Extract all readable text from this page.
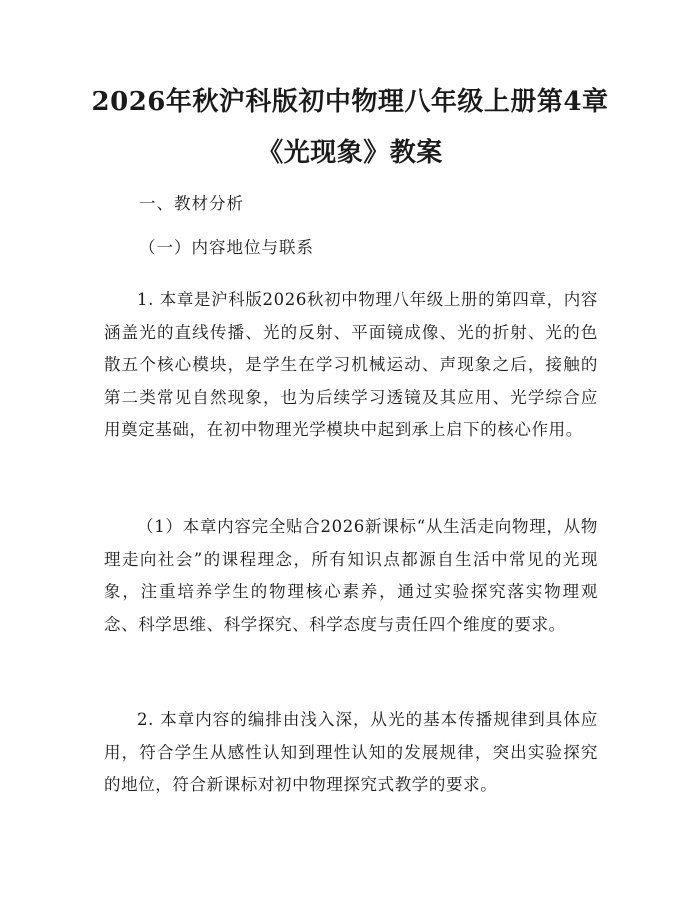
2026年秋沪科版初中物理八年级上册第4章
《光现象》教案
一、教材分析
（一）内容地位与联系

1. 本章是沪科版2026秋初中物理八年级上册的第四章，内容涵盖光的直线传播、光的反射、平面镜成像、光的折射、光的色散五个核心模块，是学生在学习机械运动、声现象之后，接触的第二类常见自然现象，也为后续学习透镜及其应用、光学综合应用奠定基础，在初中物理光学模块中起到承上启下的核心作用。

（1）本章内容完全贴合2026新课标“从生活走向物理，从物理走向社会”的课程理念，所有知识点都源自生活中常见的光现象，注重培养学生的物理核心素养，通过实验探究落实物理观念、科学思维、科学探究、科学态度与责任四个维度的要求。

2. 本章内容的编排由浅入深，从光的基本传播规律到具体应用，符合学生从感性认知到理性认知的发展规律，突出实验探究的地位，符合新课标对初中物理探究式教学的要求。
